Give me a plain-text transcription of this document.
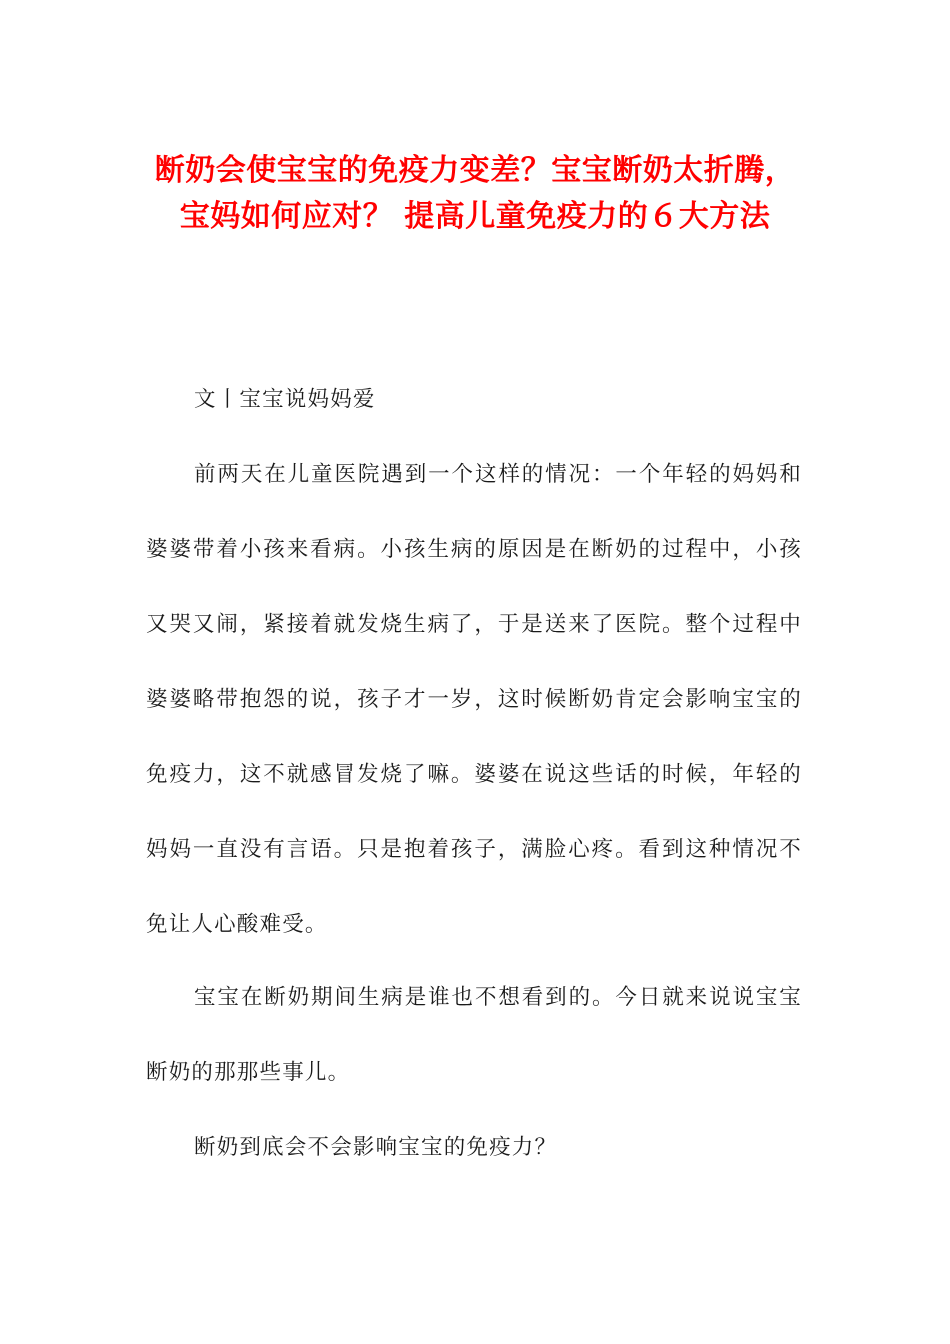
断奶会使宝宝的免疫力变差？宝宝断奶太折腾，宝妈如何应对？ 提高儿童免疫力的６大方法

文丨宝宝说妈妈爱

前两天在儿童医院遇到一个这样的情况：一个年轻的妈妈和婆婆带着小孩来看病。小孩生病的原因是在断奶的过程中，小孩又哭又闹，紧接着就发烧生病了，于是送来了医院。整个过程中婆婆略带抱怨的说，孩子才一岁，这时候断奶肯定会影响宝宝的免疫力，这不就感冒发烧了嘛。婆婆在说这些话的时候，年轻的妈妈一直没有言语。只是抱着孩子，满脸心疼。看到这种情况不免让人心酸难受。

宝宝在断奶期间生病是谁也不想看到的。今日就来说说宝宝断奶的那那些事儿。

断奶到底会不会影响宝宝的免疫力？
